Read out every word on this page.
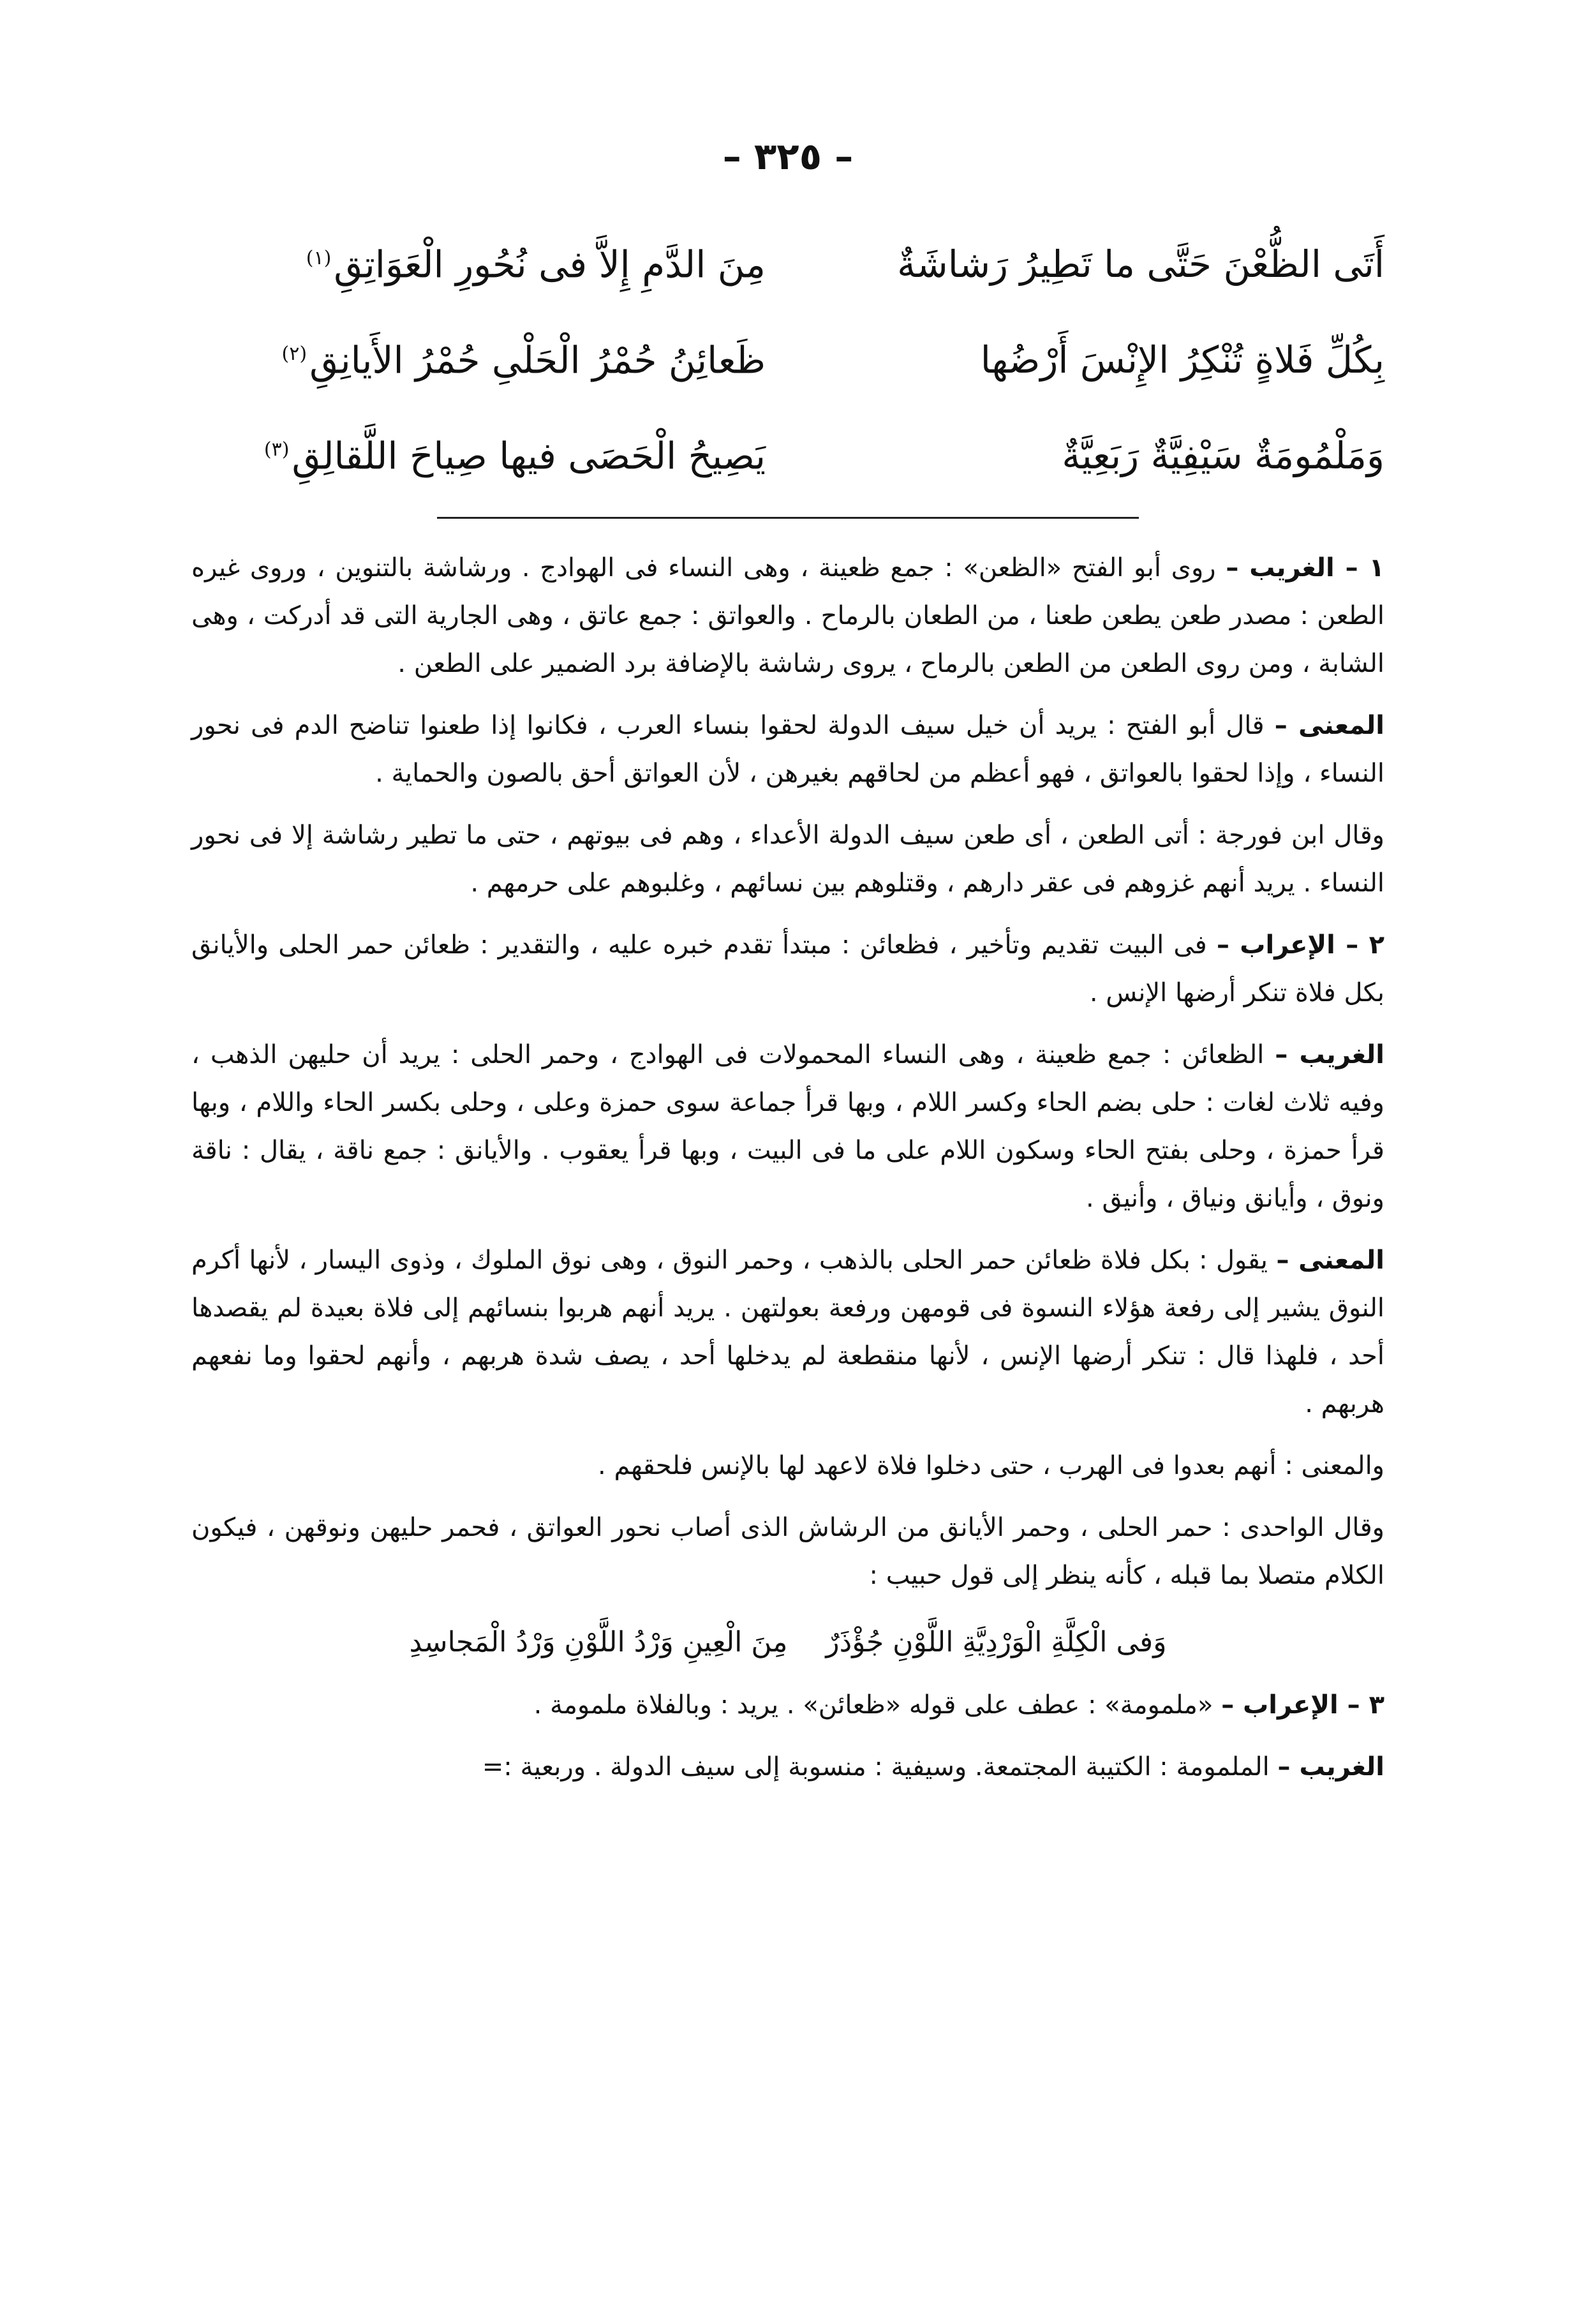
– ٣٢٥ –
أَتَى الظُّعْنَ حَتَّى ما تَطِيرُ رَشاشَةٌ
مِنَ الدَّمِ إِلاَّ فى نُحُورِ الْعَوَاتِقِ$^{(١)}$
بِكُلِّ فَلاةٍ تُنْكِرُ الإِنْسَ أَرْضُها
ظَعائِنُ حُمْرُ الْحَلْىِ حُمْرُ الأَيانِقِ$^{(٢)}$
وَمَلْمُومَةٌ سَيْفِيَّةٌ رَبَعِيَّةٌ
يَصِيحُ الْحَصَى فيها صِياحَ اللَّقالِقِ$^{(٣)}$

١ – الغريب – روى أبو الفتح «الظعن» : جمع ظعينة ، وهى النساء فى الهوادج . ورشاشة بالتنوين ، وروى غيره الطعن : مصدر طعن يطعن طعنا ، من الطعان بالرماح . والعواتق : جمع عاتق ، وهى الجارية التى قد أدركت ، وهى الشابة ، ومن روى الطعن من الطعن بالرماح ، يروى رشاشة بالإضافة برد الضمير على الطعن .

المعنى – قال أبو الفتح : يريد أن خيل سيف الدولة لحقوا بنساء العرب ، فكانوا إذا طعنوا تناضح الدم فى نحور النساء ، وإذا لحقوا بالعواتق ، فهو أعظم من لحاقهم بغيرهن ، لأن العواتق أحق بالصون والحماية .

وقال ابن فورجة : أتى الطعن ، أى طعن سيف الدولة الأعداء ، وهم فى بيوتهم ، حتى ما تطير رشاشة إلا فى نحور النساء . يريد أنهم غزوهم فى عقر دارهم ، وقتلوهم بين نسائهم ، وغلبوهم على حرمهم .

٢ – الإعراب – فى البيت تقديم وتأخير ، فظعائن : مبتدأ تقدم خبره عليه ، والتقدير : ظعائن حمر الحلى والأيانق بكل فلاة تنكر أرضها الإنس .

الغريب – الظعائن : جمع ظعينة ، وهى النساء المحمولات فى الهوادج ، وحمر الحلى : يريد أن حليهن الذهب ، وفيه ثلاث لغات : حلى بضم الحاء وكسر اللام ، وبها قرأ جماعة سوى حمزة وعلى ، وحلى بكسر الحاء واللام ، وبها قرأ حمزة ، وحلى بفتح الحاء وسكون اللام على ما فى البيت ، وبها قرأ يعقوب . والأيانق : جمع ناقة ، يقال : ناقة ونوق ، وأيانق ونياق ، وأنيق .

المعنى – يقول : بكل فلاة ظعائن حمر الحلى بالذهب ، وحمر النوق ، وهى نوق الملوك ، وذوى اليسار ، لأنها أكرم النوق يشير إلى رفعة هؤلاء النسوة فى قومهن ورفعة بعولتهن . يريد أنهم هربوا بنسائهم إلى فلاة بعيدة لم يقصدها أحد ، فلهذا قال : تنكر أرضها الإنس ، لأنها منقطعة لم يدخلها أحد ، يصف شدة هربهم ، وأنهم لحقوا وما نفعهم هربهم .

والمعنى : أنهم بعدوا فى الهرب ، حتى دخلوا فلاة لاعهد لها بالإنس فلحقهم .

وقال الواحدى : حمر الحلى ، وحمر الأيانق من الرشاش الذى أصاب نحور العواتق ، فحمر حليهن ونوقهن ، فيكون الكلام متصلا بما قبله ، كأنه ينظر إلى قول حبيب :

وَفى الْكِلَّةِ الْوَرْدِيَّةِ اللَّوْنِ جُؤْذَرٌ
مِنَ الْعِينِ وَرْدُ اللَّوْنِ وَرْدُ الْمَجاسِدِ

٣ – الإعراب – «ملمومة» : عطف على قوله «ظعائن» . يريد : وبالفلاة ملمومة .

الغريب – الملمومة : الكتيبة المجتمعة. وسيفية : منسوبة إلى سيف الدولة . وربعية :=
